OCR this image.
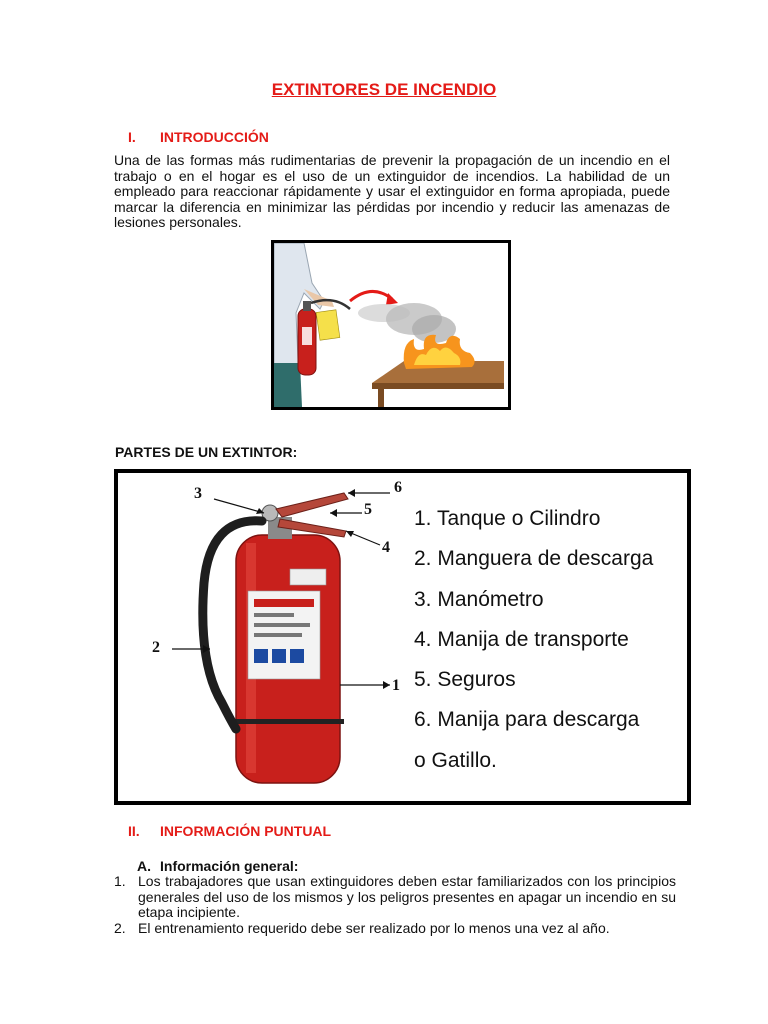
EXTINTORES DE INCENDIO
I. INTRODUCCIÓN
Una de las formas más rudimentarias de prevenir la propagación de un incendio en el trabajo o en el hogar es el uso de un extinguidor de incendios. La habilidad de un empleado para reaccionar rápidamente y usar el extinguidor en forma apropiada, puede marcar la diferencia en minimizar las pérdidas por incendio y reducir las amenazas de lesiones personales.
PARTES DE UN EXTINTOR:
3	6
5
4
2
1
1. Tanque o Cilindro
2. Manguera de descarga
3. Manómetro
4. Manija de transporte
5. Seguros
6. Manija para descarga
o Gatillo.
II. INFORMACIÓN PUNTUAL
A. Información general:
1. Los trabajadores que usan extinguidores deben estar familiarizados con los principios generales del uso de los mismos y los peligros presentes en apagar un incendio en su etapa incipiente.
2. El entrenamiento requerido debe ser realizado por lo menos una vez al año.
